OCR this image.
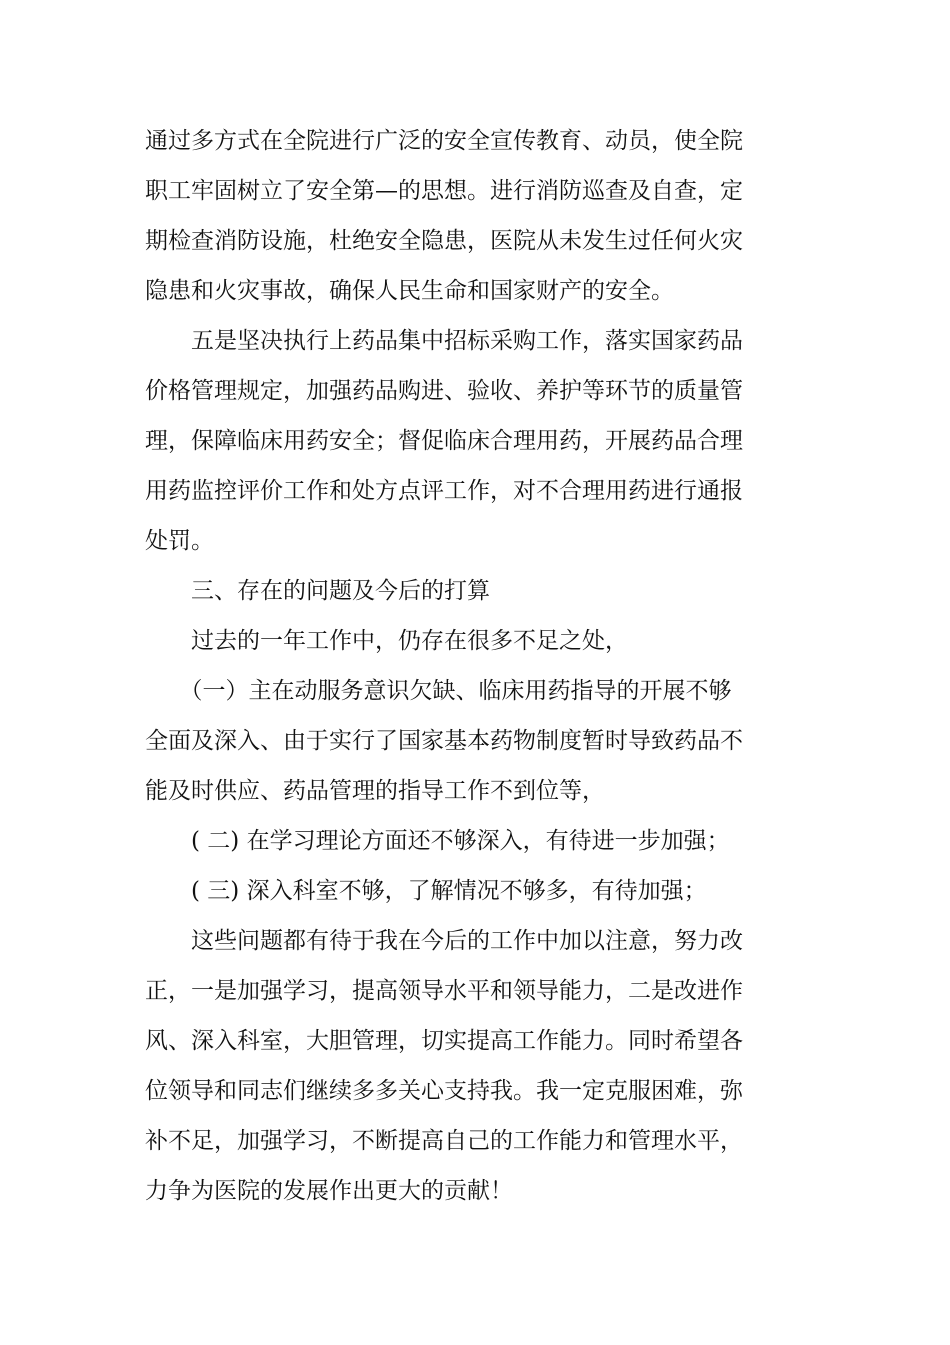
通过多方式在全院进行广泛的安全宣传教育、动员，使全院
职工牢固树立了安全第—的思想。进行消防巡查及自查，定
期检查消防设施，杜绝安全隐患，医院从未发生过任何火灾
隐患和火灾事故，确保人民生命和国家财产的安全。
　　五是坚决执行上药品集中招标采购工作，落实国家药品
价格管理规定，加强药品购进、验收、养护等环节的质量管
理，保障临床用药安全；督促临床合理用药，开展药品合理
用药监控评价工作和处方点评工作，对不合理用药进行通报
处罚。
　　三、存在的问题及今后的打算
　　过去的一年工作中，仍存在很多不足之处，
　　（一）主在动服务意识欠缺、临床用药指导的开展不够
全面及深入、由于实行了国家基本药物制度暂时导致药品不
能及时供应、药品管理的指导工作不到位等，
　　( 二) 在学习理论方面还不够深入，有待进一步加强；
　　( 三) 深入科室不够，了解情况不够多，有待加强；
　　这些问题都有待于我在今后的工作中加以注意，努力改
正，一是加强学习，提高领导水平和领导能力，二是改进作
风、深入科室，大胆管理，切实提高工作能力。同时希望各
位领导和同志们继续多多关心支持我。我一定克服困难，弥
补不足，加强学习，不断提高自己的工作能力和管理水平，
力争为医院的发展作出更大的贡献！
